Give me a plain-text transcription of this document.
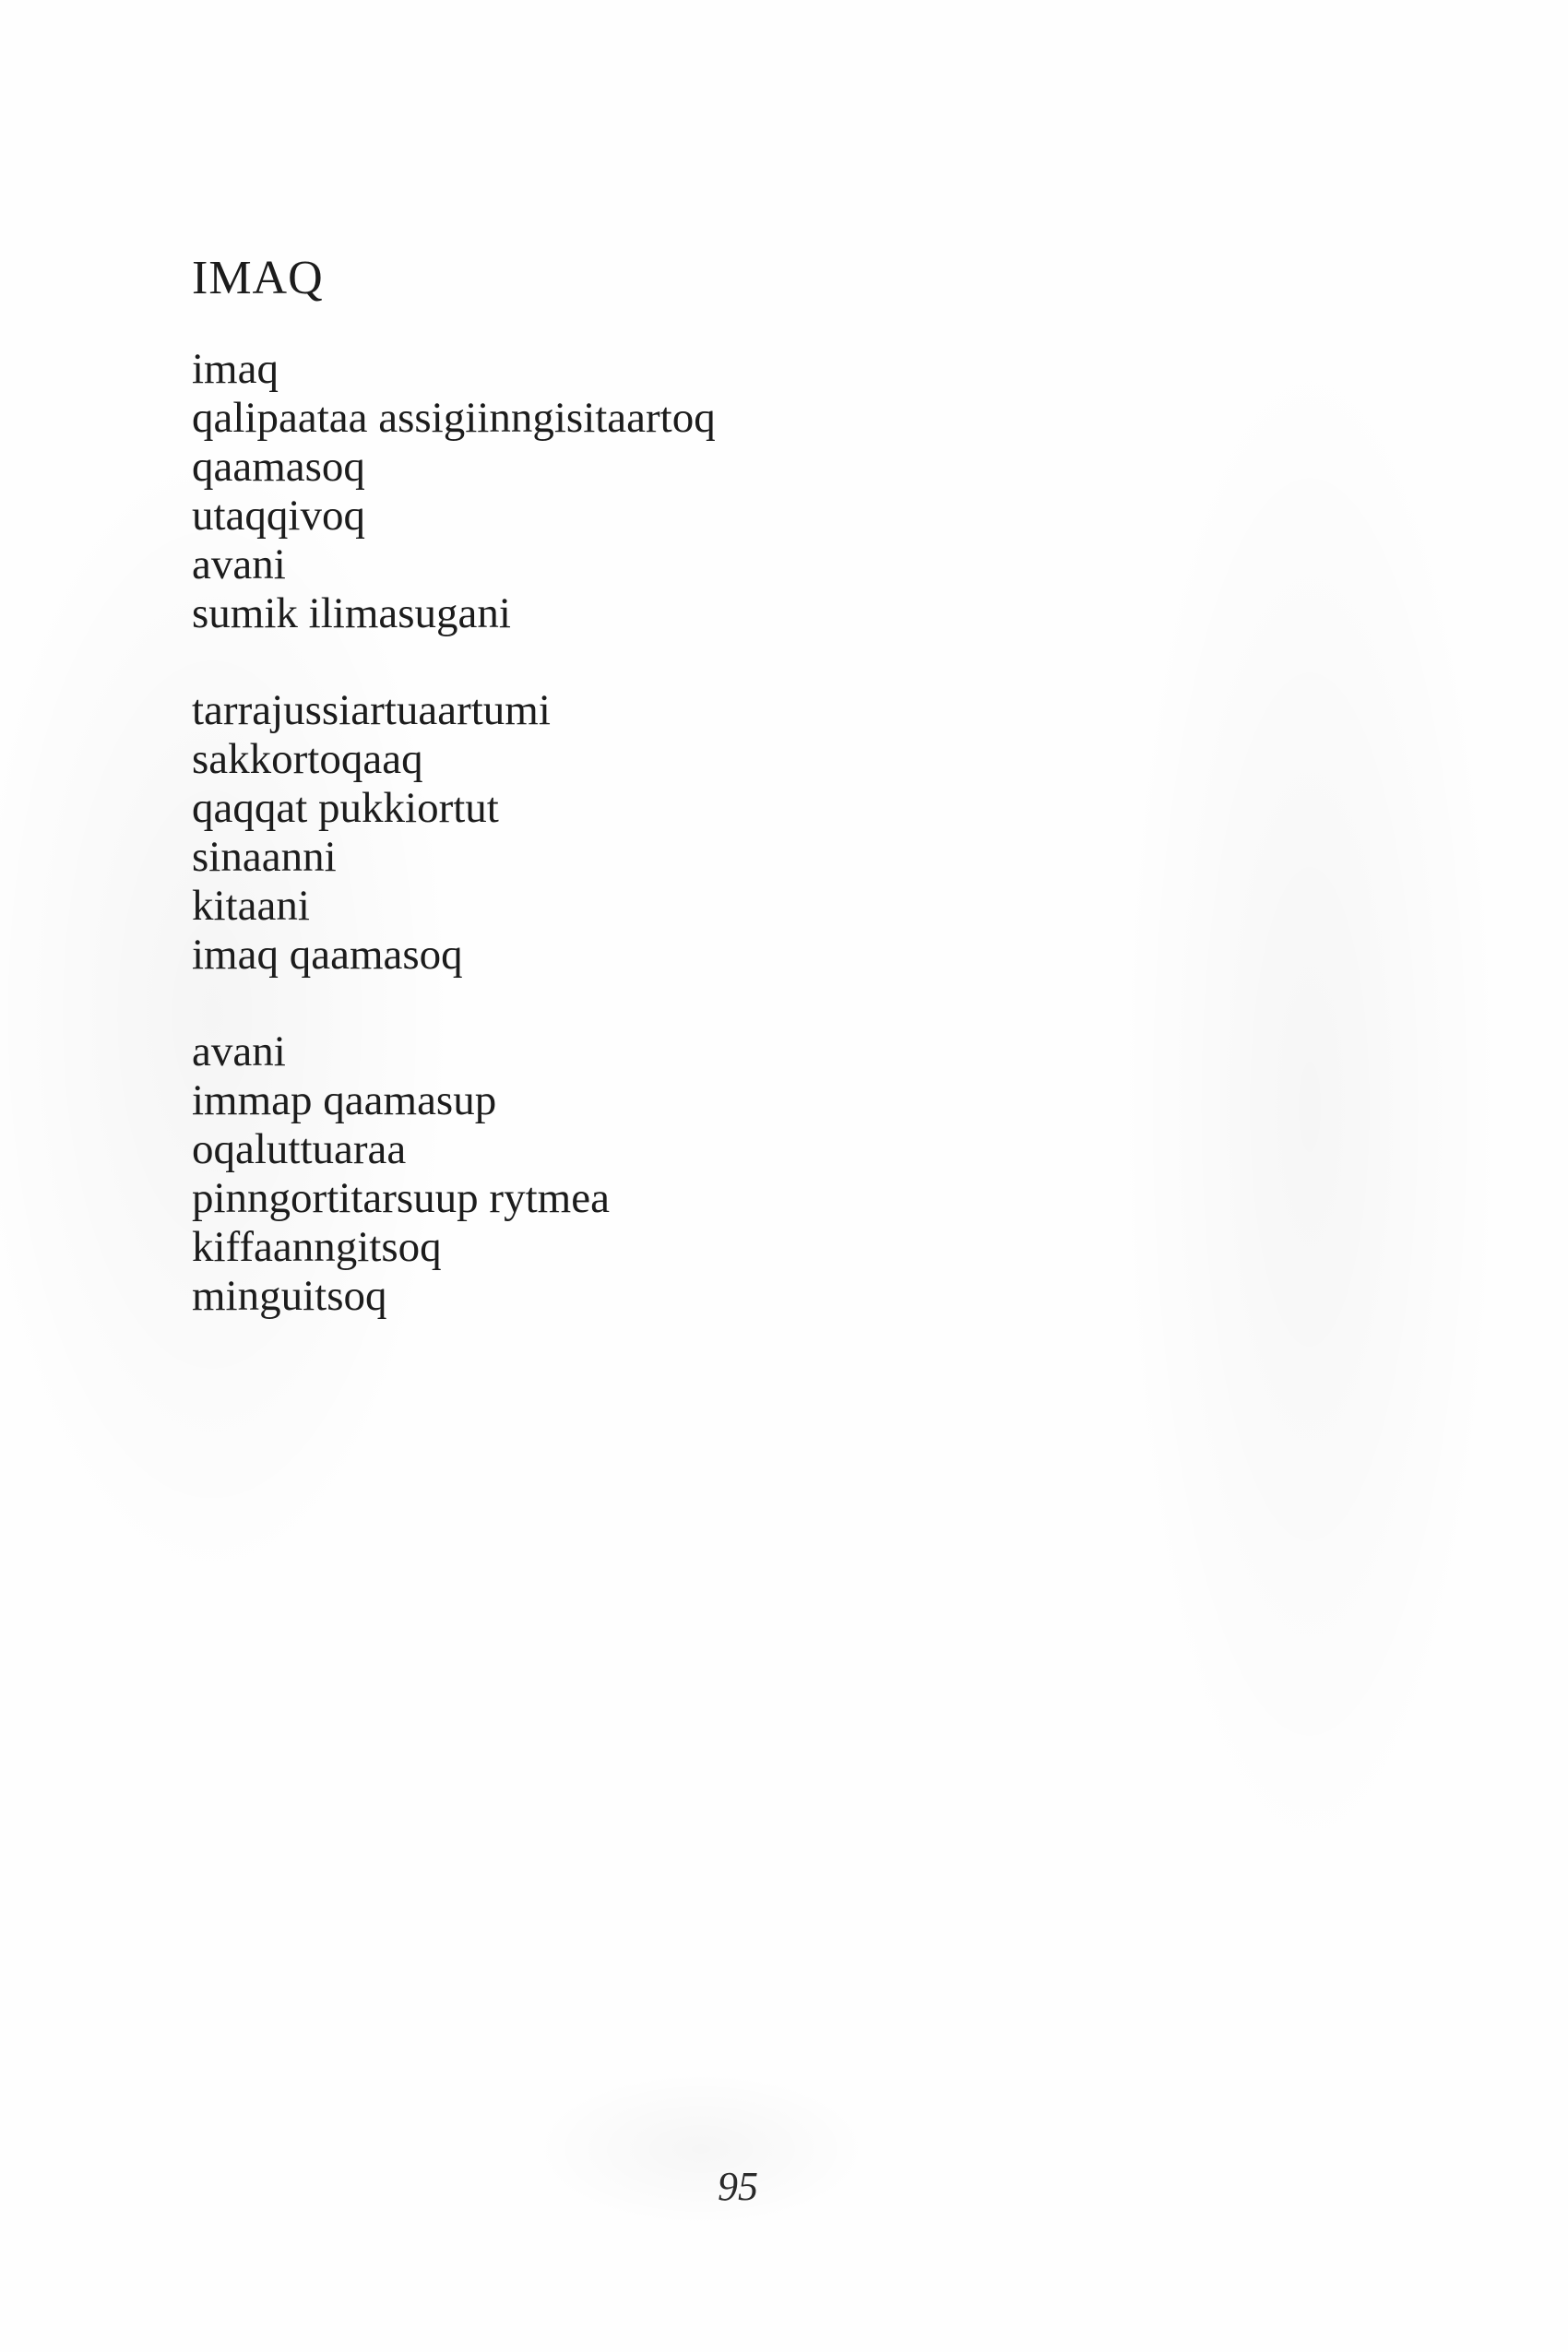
IMAQ
imaq
qalipaataa assigiinngisitaartoq
qaamasoq
utaqqivoq
avani
sumik ilimasugani
tarrajussiartuaartumi
sakkortoqaaq
qaqqat pukkiortut
sinaanni
kitaani
imaq qaamasoq
avani
immap qaamasup
oqaluttuaraa
pinngortitarsuup rytmea
kiffaanngitsoq
minguitsoq
95
